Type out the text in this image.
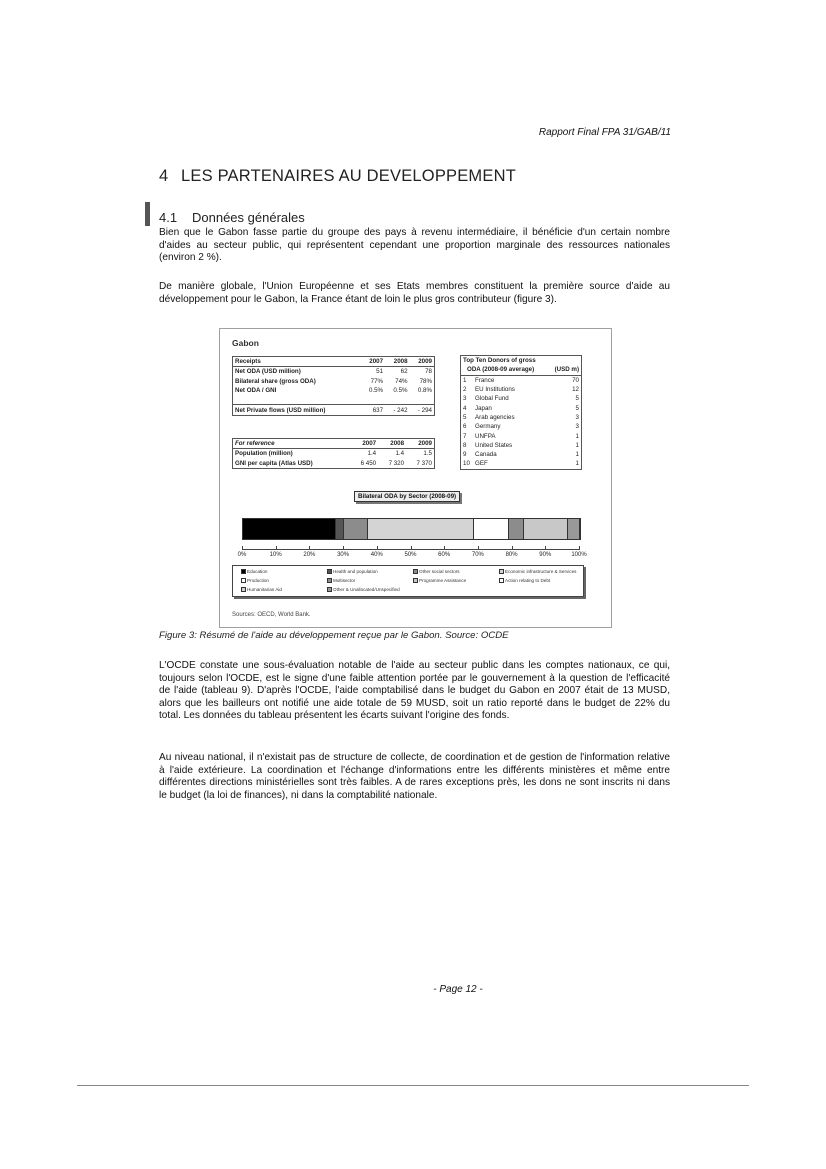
Rapport Final FPA 31/GAB/11
4 LES PARTENAIRES AU DEVELOPPEMENT
4.1 Données générales

Bien que le Gabon fasse partie du groupe des pays à revenu intermédiaire, il bénéficie d'un certain nombre d'aides au secteur public, qui représentent cependant une proportion marginale des ressources nationales (environ 2 %).

De manière globale, l'Union Européenne et ses Etats membres constituent la première source d'aide au développement pour le Gabon, la France étant de loin le plus gros contributeur (figure 3).

Gabon
Receipts	2007	2008	2009
Net ODA (USD million)	51	62	78
Bilateral share (gross ODA)	77%	74%	78%
Net ODA / GNI	0.5%	0.5%	0.8%

Net Private flows (USD million)	637	- 242	- 294
For reference	2007	2008	2009
Population (million)	1.4	1.4	1.5
GNI per capita (Atlas USD)	6 450	7 320	7 370
Top Ten Donors of gross		
ODA (2008-09 average)		(USD m)
1	France	70
2	EU Institutions	12
3	Global Fund	5
4	Japan	5
5	Arab agencies	3
6	Germany	3
7	UNFPA	1
8	United States	1
9	Canada	1
10	GEF	1
Bilateral ODA by Sector (2008-09)
0%	10%	20%	30%	40%	50%	60%	70%	80%	90%	100%
Education	Health and population	Other social sectors	Economic infrastructure & Services
Production	Multisector	Programme Assistance	Action relating to Debt
Humanitarian Aid	Other & Unallocated/Unspecified
Sources: OECD, World Bank.
Figure 3: Résumé de l'aide au développement reçue par le Gabon. Source: OCDE

L'OCDE constate une sous-évaluation notable de l'aide au secteur public dans les comptes nationaux, ce qui, toujours selon l'OCDE, est le signe d'une faible attention portée par le gouvernement à la question de l'efficacité de l'aide (tableau 9). D'après l'OCDE, l'aide comptabilisé dans le budget du Gabon en 2007 était de 13 MUSD, alors que les bailleurs ont notifié une aide totale de 59 MUSD, soit un ratio reporté dans le budget de 22% du total. Les données du tableau présentent les écarts suivant l'origine des fonds.

Au niveau national, il n'existait pas de structure de collecte, de coordination et de gestion de l'information relative à l'aide extérieure. La coordination et l'échange d'informations entre les différents ministères et même entre différentes directions ministérielles sont très faibles. A de rares exceptions près, les dons ne sont inscrits ni dans le budget (la loi de finances), ni dans la comptabilité nationale.

- Page 12 -
